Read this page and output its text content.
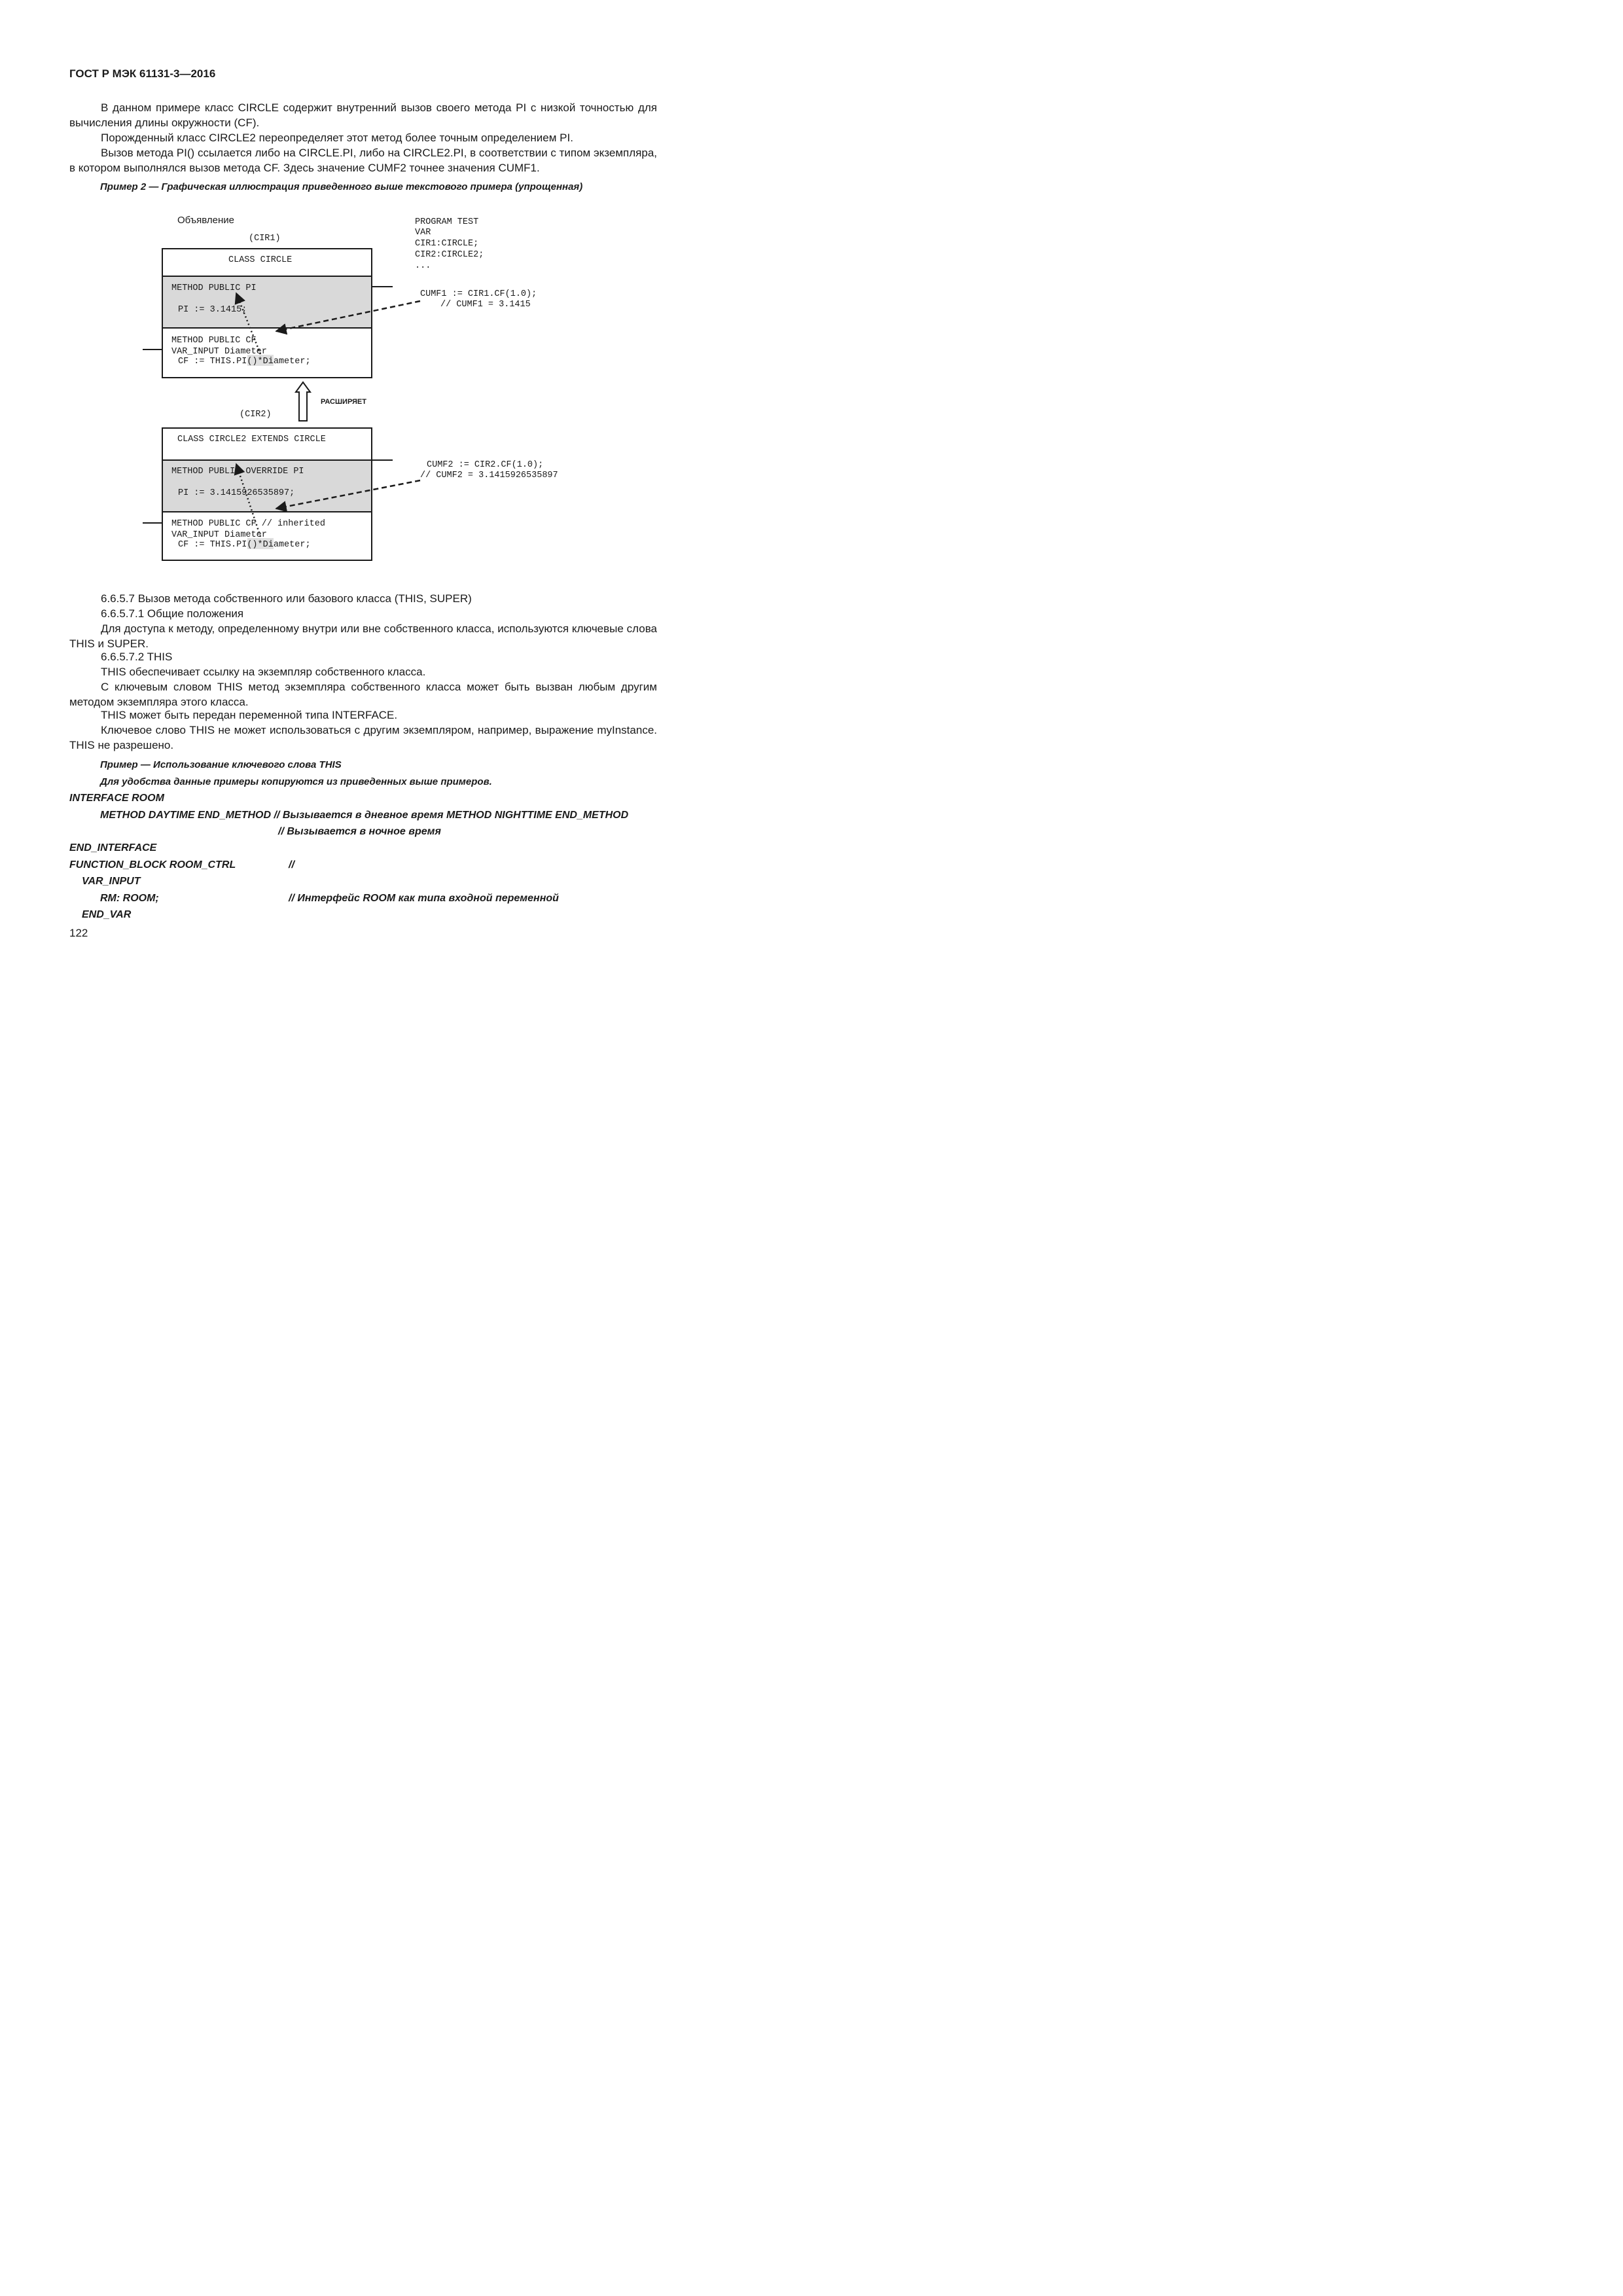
ГОСТ Р МЭК 61131-3—2016
В данном примере класс CIRCLE содержит внутренний вызов своего метода PI с низкой точностью для вычисления длины окружности (CF).
Порожденный класс CIRCLE2 переопределяет этот метод более точным определением PI.
Вызов метода PI() ссылается либо на CIRCLE.PI, либо на CIRCLE2.PI, в соответствии с типом экземпляра, в котором выполнялся вызов метода CF. Здесь значение CUMF2 точнее значения CUMF1.
Пример 2 — Графическая иллюстрация приведенного выше текстового примера (упрощенная)
Объявление
(CIR1)
PROGRAM TEST
VAR
CIR1:CIRCLE;
CIR2:CIRCLE2;
...
CLASS CIRCLE
METHOD PUBLIC PI
PI := 3.1415;
METHOD PUBLIC CF
VAR_INPUT Diameter
CF := THIS.PI()*Diameter;
CUMF1 := CIR1.CF(1.0);
// CUMF1 = 3.1415
РАСШИРЯЕТ
(CIR2)
CLASS CIRCLE2 EXTENDS CIRCLE
METHOD PUBLIC OVERRIDE PI
PI := 3.1415926535897;
METHOD PUBLIC CF // inherited
VAR_INPUT Diameter
CF := THIS.PI()*Diameter;
CUMF2 := CIR2.CF(1.0);
// CUMF2 = 3.1415926535897
6.6.5.7 Вызов метода собственного или базового класса (THIS, SUPER)
6.6.5.7.1 Общие положения
Для доступа к методу, определенному внутри или вне собственного класса, используются ключевые слова THIS и SUPER.
6.6.5.7.2 THIS
THIS обеспечивает ссылку на экземпляр собственного класса.
С ключевым словом THIS метод экземпляра собственного класса может быть вызван любым другим методом экземпляра этого класса.
THIS может быть передан переменной типа INTERFACE.
Ключевое слово THIS не может использоваться с другим экземпляром, например, выражение myInstance. THIS не разрешено.
Пример — Использование ключевого слова THIS
Для удобства данные примеры копируются из приведенных выше примеров.
INTERFACE ROOM
METHOD DAYTIME END_METHOD // Вызывается в дневное время METHOD NIGHTTIME END_METHOD
// Вызывается в ночное время
END_INTERFACE
FUNCTION_BLOCK ROOM_CTRL	//
VAR_INPUT
RM: ROOM;	// Интерфейс ROOM как типа входной переменной
END_VAR
122
